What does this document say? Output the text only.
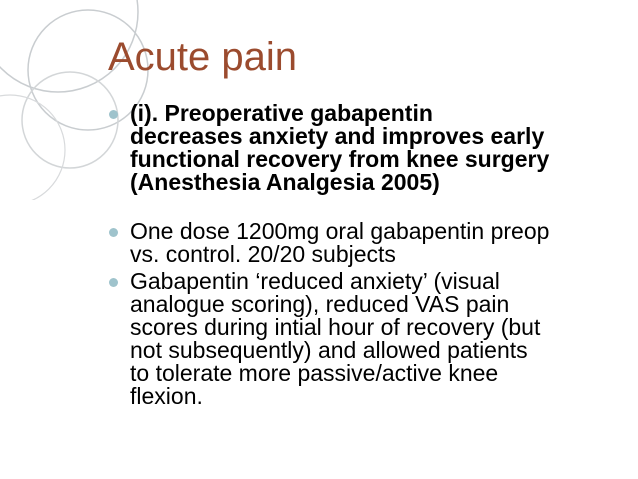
Acute pain
(i). Preoperative gabapentin
decreases anxiety and improves early
functional recovery from knee surgery
(Anesthesia Analgesia 2005)
One dose 1200mg oral gabapentin preop
vs. control. 20/20 subjects
Gabapentin ‘reduced anxiety’ (visual
analogue scoring), reduced VAS pain
scores during intial hour of recovery (but
not subsequently) and allowed patients
to tolerate more passive/active knee
flexion.
